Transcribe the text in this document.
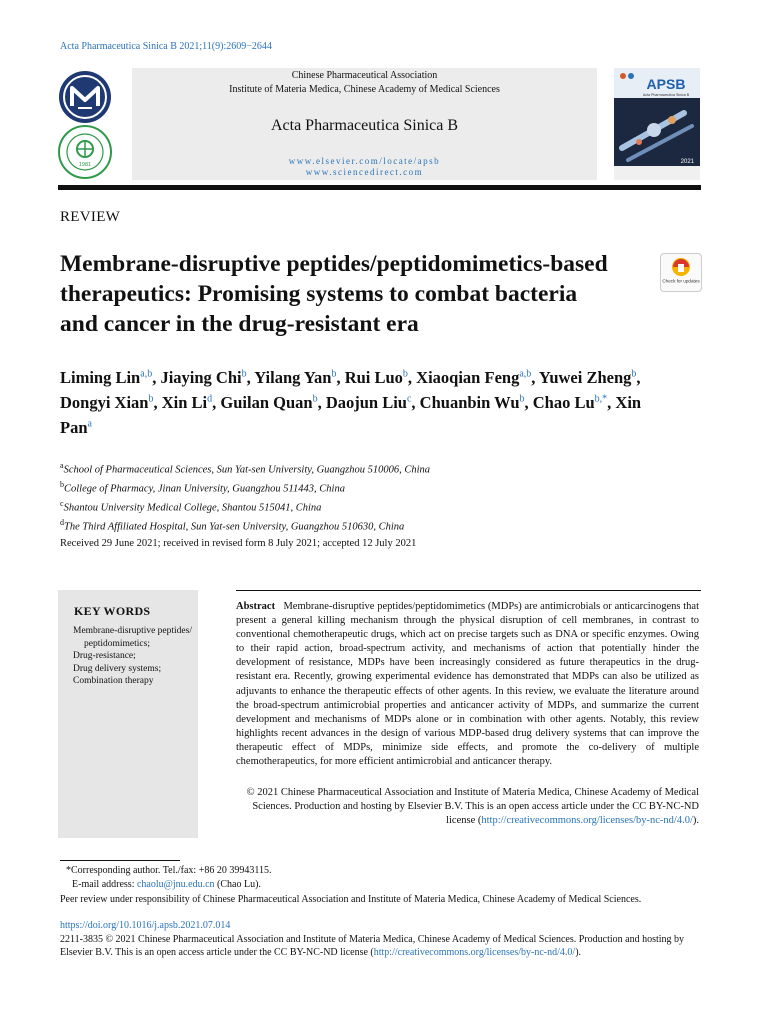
Acta Pharmaceutica Sinica B 2021;11(9):2609−2644
1981
Chinese Pharmaceutical Association
Institute of Materia Medica, Chinese Academy of Medical Sciences
Acta Pharmaceutica Sinica B
www.elsevier.com/locate/apsb
www.sciencedirect.com
APSB
Acta Pharmaceutica Sinica B
2021
REVIEW
Membrane-disruptive peptides/peptidomimetics-based therapeutics: Promising systems to combat bacteria and cancer in the drug-resistant era
Check for updates
Liming Lin$^{a,b}$, Jiaying Chi$^b$, Yilang Yan$^b$, Rui Luo$^b$, Xiaoqian Feng$^{a,b}$, Yuwei Zheng$^b$, Dongyi Xian$^b$, Xin Li$^d$, Guilan Quan$^b$, Daojun Liu$^c$, Chuanbin Wu$^b$, Chao $Lu^{b,*}$, Xin Pan$^a$
$^a$School of Pharmaceutical Sciences, Sun Yat-sen University, Guangzhou 510006, China
$^b$College of Pharmacy, Jinan University, Guangzhou 511443, China
$^c$Shantou University Medical College, Shantou 515041, China
$^d$The Third Affiliated Hospital, Sun Yat-sen University, Guangzhou 510630, China
Received 29 June 2021; received in revised form 8 July 2021; accepted 12 July 2021
KEY WORDS
Membrane-disruptive peptides/ peptidomimetics;
Drug-resistance;
Drug delivery systems;
Combination therapy
Abstract Membrane-disruptive peptides/peptidomimetics (MDPs) are antimicrobials or anticarcinogens that present a general killing mechanism through the physical disruption of cell membranes, in contrast to conventional chemotherapeutic drugs, which act on precise targets such as DNA or specific enzymes. Owing to their rapid action, broad-spectrum activity, and mechanisms of action that potentially hinder the development of resistance, MDPs have been increasingly considered as future therapeutics in the drug-resistant era. Recently, growing experimental evidence has demonstrated that MDPs can also be utilized as adjuvants to enhance the therapeutic effects of other agents. In this review, we evaluate the literature around the broad-spectrum antimicrobial properties and anticancer activity of MDPs, and summarize the current development and mechanisms of MDPs alone or in combination with other agents. Notably, this review highlights recent advances in the design of various MDP-based drug delivery systems that can improve the therapeutic effect of MDPs, minimize side effects, and promote the co-delivery of multiple chemotherapeutics, for more efficient antimicrobial and anticancer therapy.
© 2021 Chinese Pharmaceutical Association and Institute of Materia Medica, Chinese Academy of Medical Sciences. Production and hosting by Elsevier B.V. This is an open access article under the CC BY-NC-ND license (http://creativecommons.org/licenses/by-nc-nd/4.0/).
*Corresponding author. Tel./fax: +86 20 39943115.
E-mail address: chaolu@jnu.edu.cn (Chao Lu).
Peer review under responsibility of Chinese Pharmaceutical Association and Institute of Materia Medica, Chinese Academy of Medical Sciences.
https://doi.org/10.1016/j.apsb.2021.07.014
2211-3835 © 2021 Chinese Pharmaceutical Association and Institute of Materia Medica, Chinese Academy of Medical Sciences. Production and hosting by Elsevier B.V. This is an open access article under the CC BY-NC-ND license (http://creativecommons.org/licenses/by-nc-nd/4.0/).
